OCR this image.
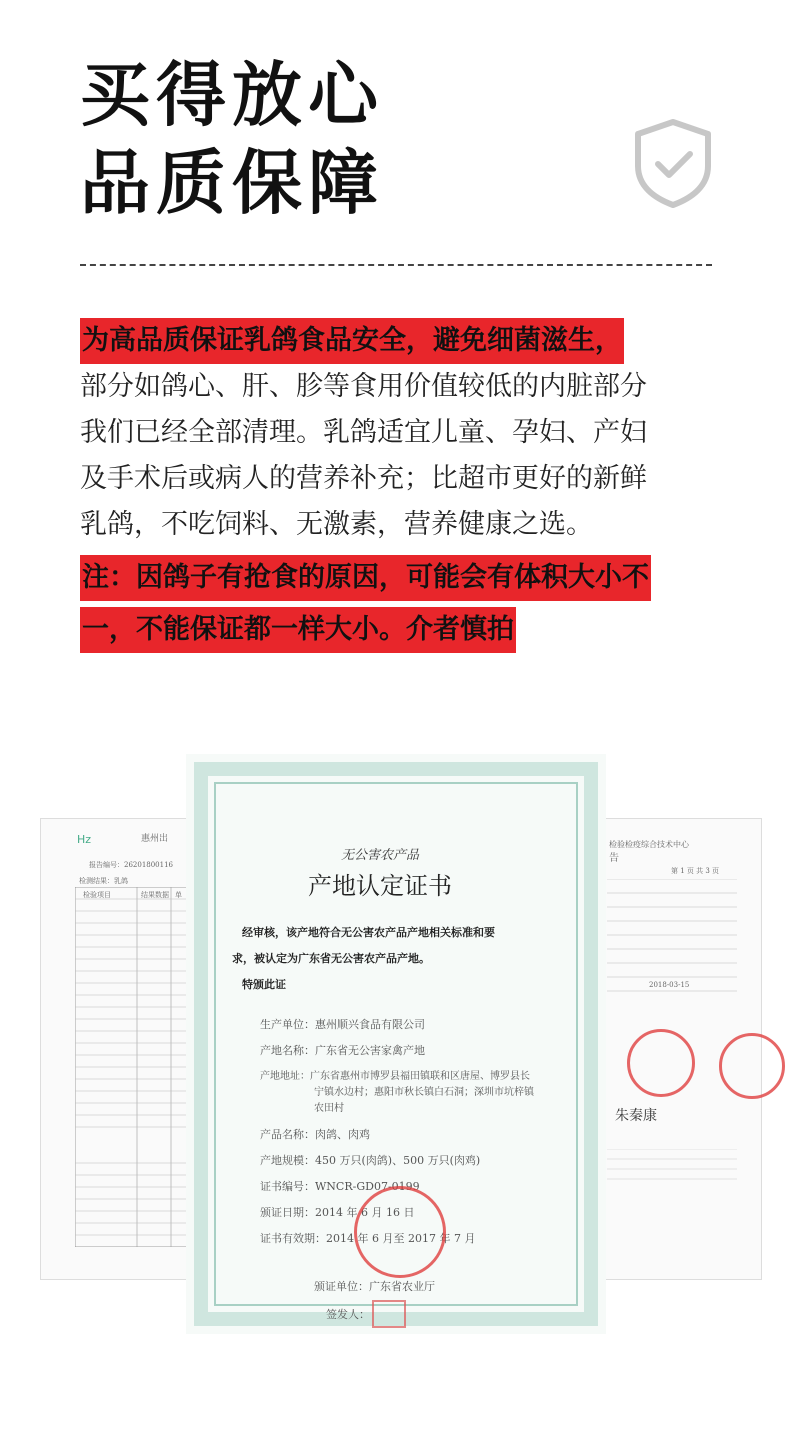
买得放心
品质保障
为高品质保证乳鸽食品安全，避免细菌滋生，
部分如鸽心、肝、胗等食用价值较低的内脏部分
我们已经全部清理。乳鸽适宜儿童、孕妇、产妇
及手术后或病人的营养补充；比超市更好的新鲜
乳鸽，不吃饲料、无激素，营养健康之选。
注：因鸽子有抢食的原因，可能会有体积大小不
一，不能保证都一样大小。介者慎拍
Hz	惠州出
报告编号：26201800116
检测结果：乳鸽
检验项目	结果数据 单
检验检疫综合技术中心
告
第 1 页 共 3 页
2018-03-15
朱秦康
无公害农产品
产地认定证书
经审核，该产地符合无公害农产品产地相关标准和要
求，被认定为广东省无公害农产品产地。
特颁此证
生产单位：惠州顺兴食品有限公司
产地名称：广东省无公害家禽产地
产地地址：广东省惠州市博罗县福田镇联和区唐屋、博罗县长
宁镇水边村；惠阳市秋长镇白石洞；深圳市坑梓镇
农田村
产品名称：肉鸽、肉鸡
产地规模：450 万只(肉鸽)、500 万只(肉鸡)
证书编号：WNCR-GD07-0199
颁证日期：2014 年 6 月 16 日
证书有效期：2014 年 6 月至 2017 年 7 月
颁证单位：广东省农业厅
签发人：
